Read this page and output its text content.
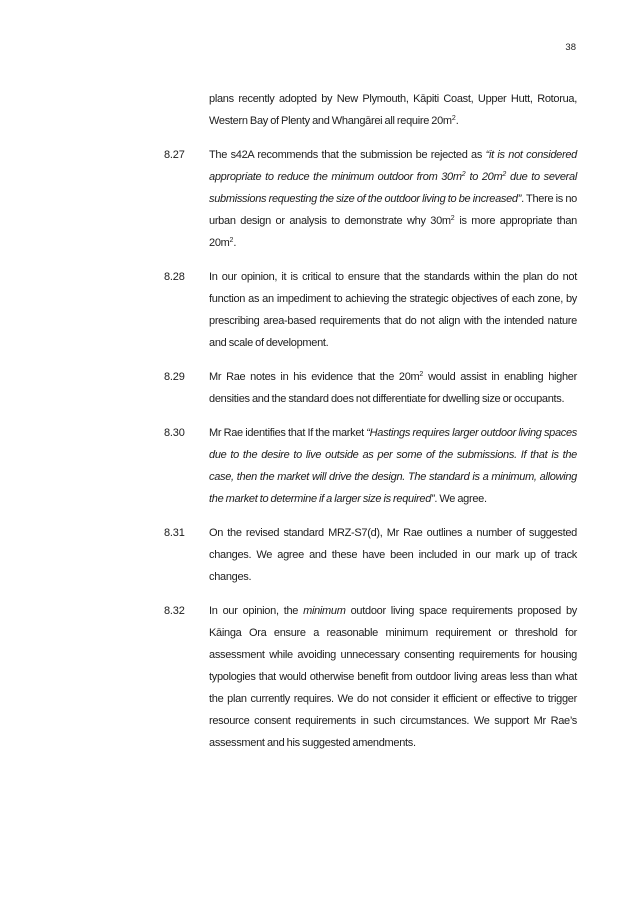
38
plans recently adopted by New Plymouth, Kāpiti Coast, Upper Hutt, Rotorua, Western Bay of Plenty and Whangārei all require $20m^2$.
8.27	The s42A recommends that the submission be rejected as “it is not considered appropriate to reduce the minimum outdoor from $30m^2$ to $20m^2$ due to several submissions requesting the size of the outdoor living to be increased”. There is no urban design or analysis to demonstrate why $30m^2$ is more appropriate than $20m^2$.
8.28	In our opinion, it is critical to ensure that the standards within the plan do not function as an impediment to achieving the strategic objectives of each zone, by prescribing area-based requirements that do not align with the intended nature and scale of development.
8.29	Mr Rae notes in his evidence that the $20m^2$ would assist in enabling higher densities and the standard does not differentiate for dwelling size or occupants.
8.30	Mr Rae identifies that If the market “Hastings requires larger outdoor living spaces due to the desire to live outside as per some of the submissions. If that is the case, then the market will drive the design. The standard is a minimum, allowing the market to determine if a larger size is required”. We agree.
8.31	On the revised standard MRZ-S7(d), Mr Rae outlines a number of suggested changes. We agree and these have been included in our mark up of track changes.
8.32	In our opinion, the minimum outdoor living space requirements proposed by Kāinga Ora ensure a reasonable minimum requirement or threshold for assessment while avoiding unnecessary consenting requirements for housing typologies that would otherwise benefit from outdoor living areas less than what the plan currently requires. We do not consider it efficient or effective to trigger resource consent requirements in such circumstances. We support Mr Rae’s assessment and his suggested amendments.
